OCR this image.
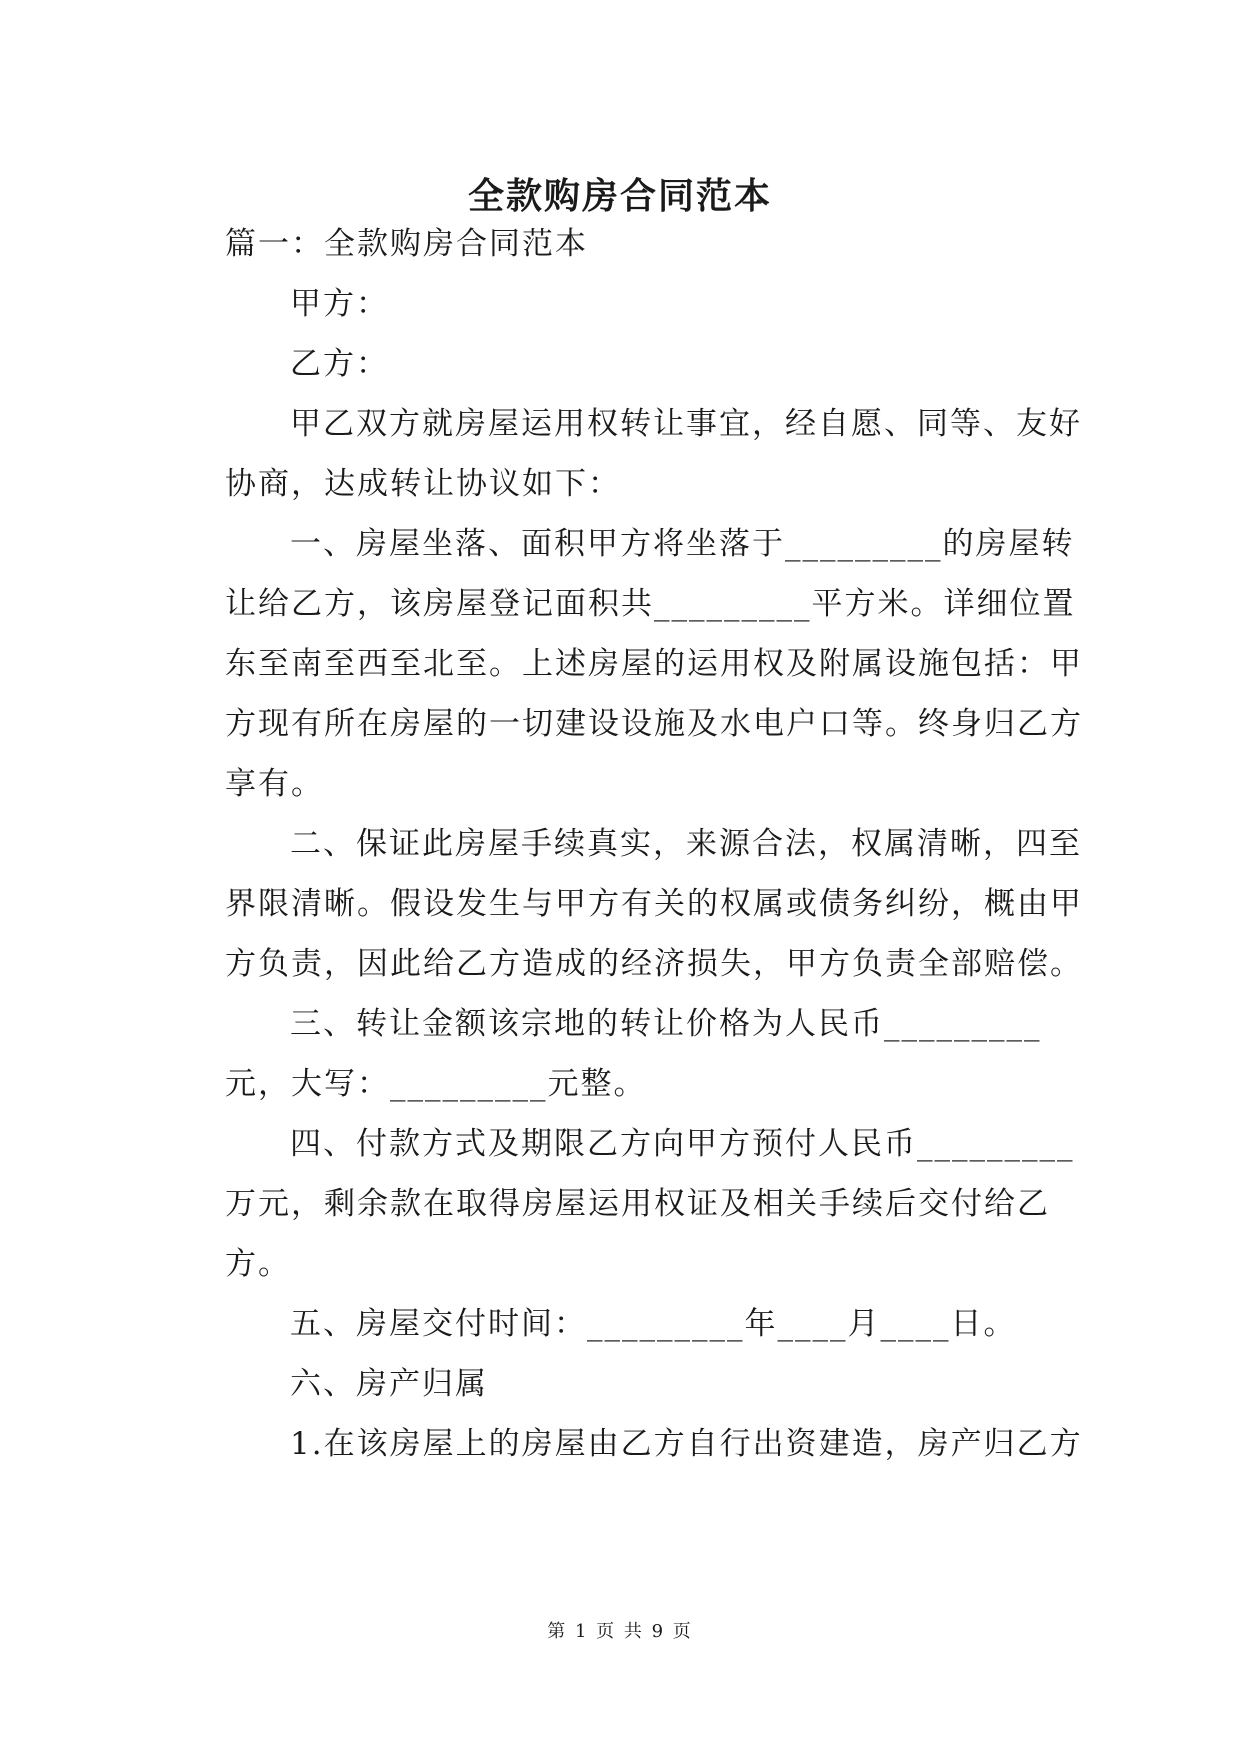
全款购房合同范本
篇一：全款购房合同范本
甲方：
乙方：
甲乙双方就房屋运用权转让事宜，经自愿、同等、友好
协商，达成转让协议如下：
一、房屋坐落、面积甲方将坐落于_________的房屋转
让给乙方，该房屋登记面积共_________平方米。详细位置
东至南至西至北至。上述房屋的运用权及附属设施包括：甲
方现有所在房屋的一切建设设施及水电户口等。终身归乙方
享有。
二、保证此房屋手续真实，来源合法，权属清晰，四至
界限清晰。假设发生与甲方有关的权属或债务纠纷，概由甲
方负责，因此给乙方造成的经济损失，甲方负责全部赔偿。
三、转让金额该宗地的转让价格为人民币_________
元，大写：_________元整。
四、付款方式及期限乙方向甲方预付人民币_________
万元，剩余款在取得房屋运用权证及相关手续后交付给乙
方。
五、房屋交付时间：_________年____月____日。
六、房产归属
1.在该房屋上的房屋由乙方自行出资建造，房产归乙方
第 1 页 共 9 页
